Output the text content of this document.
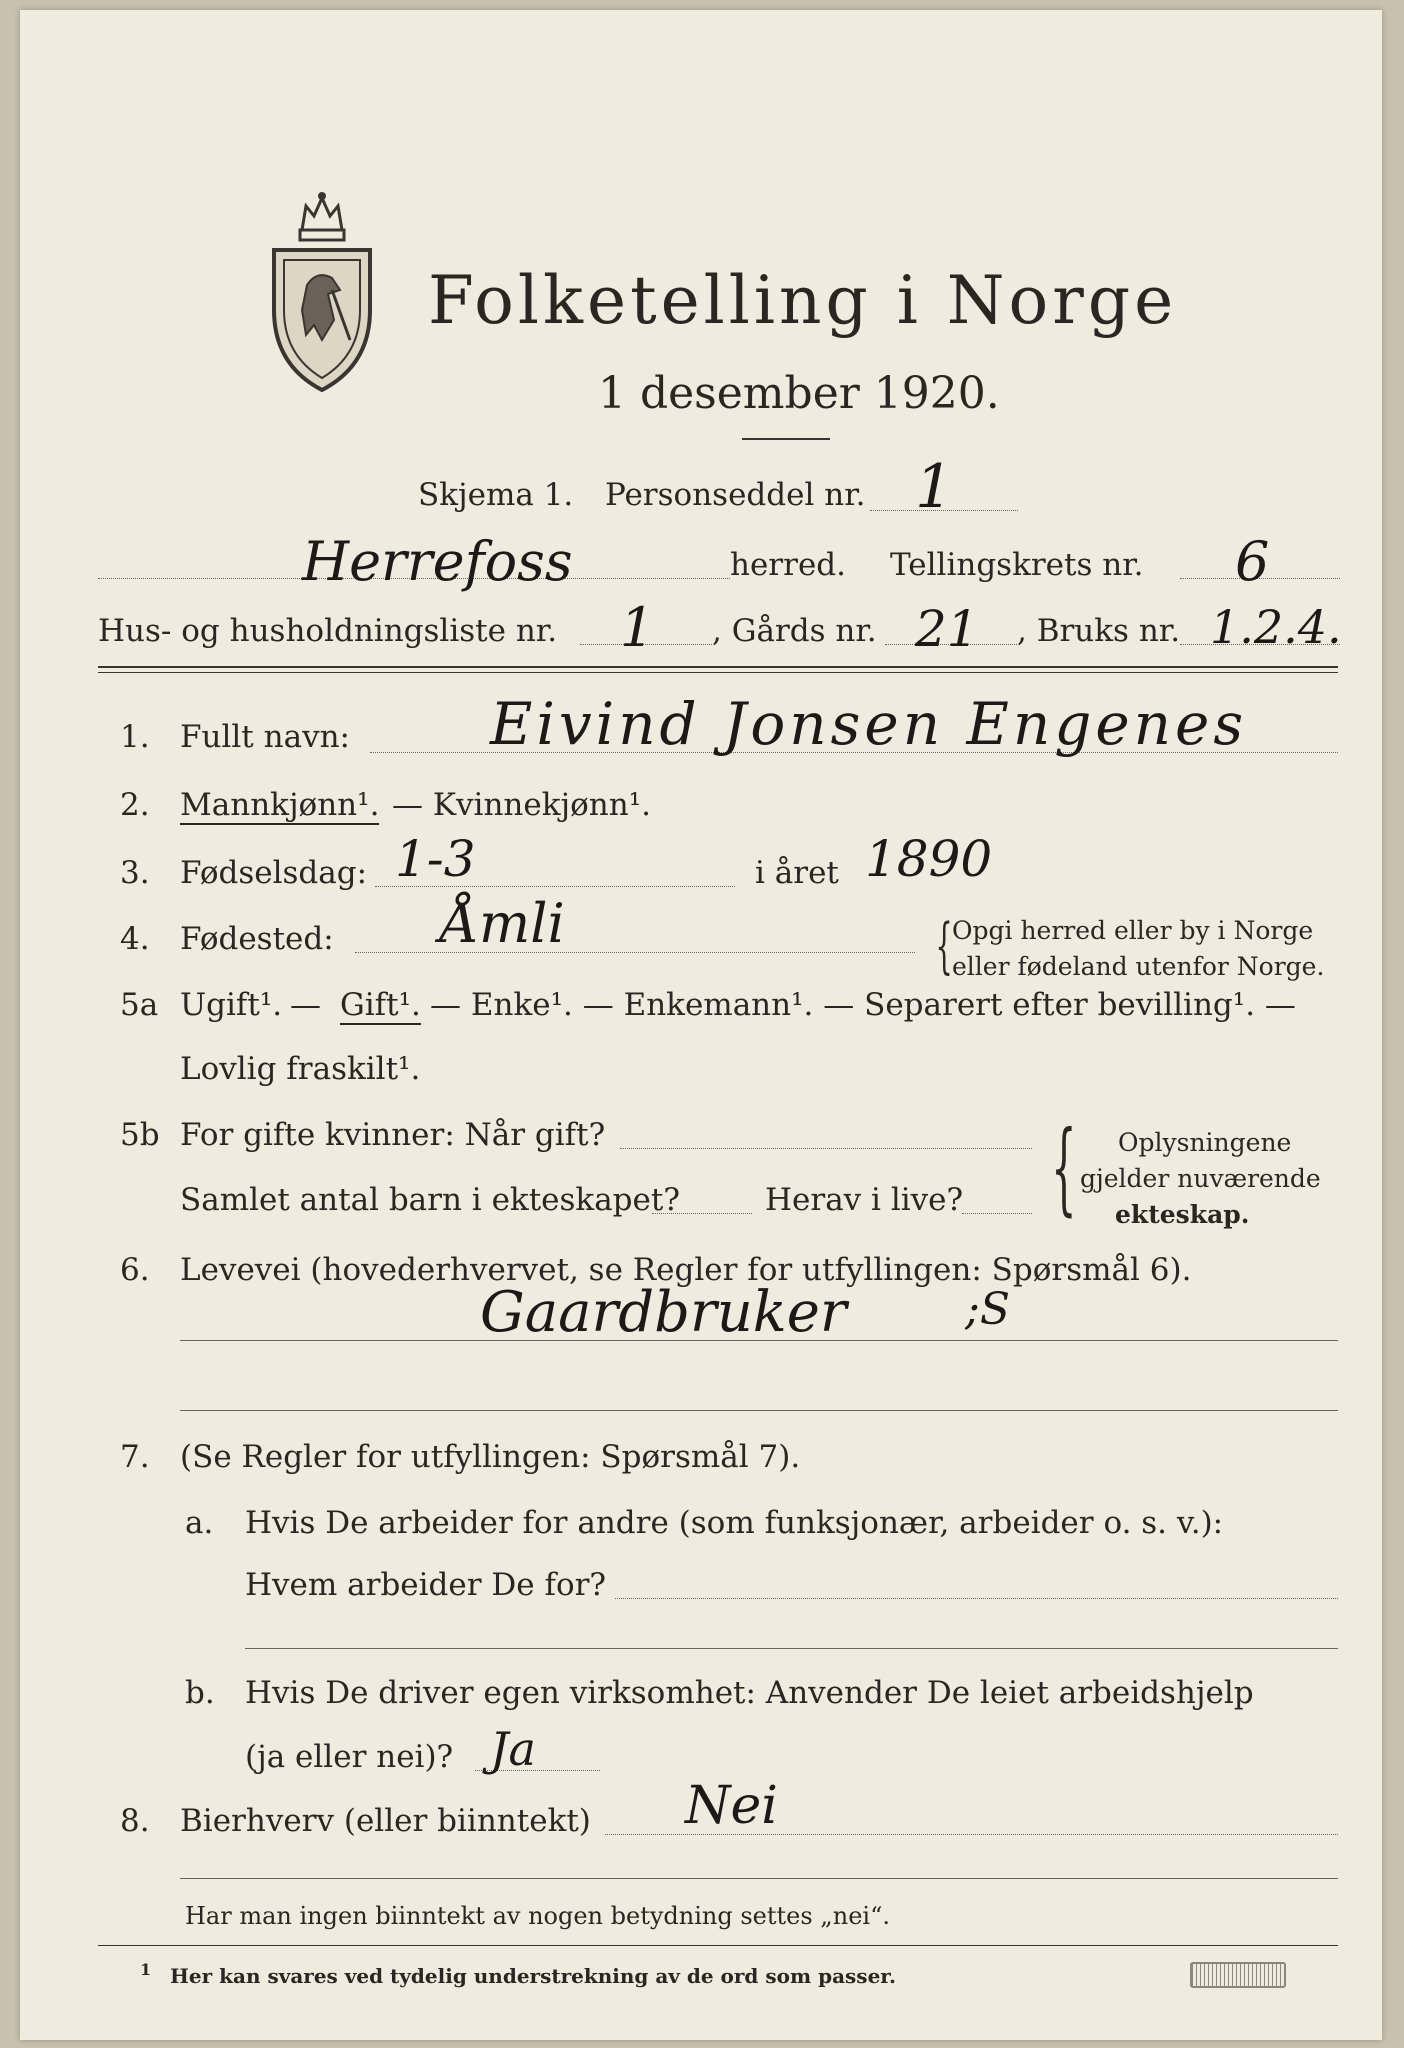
Folketelling i Norge
1 desember 1920.
Skjema 1. Personseddel nr. 1
Herrefoss	herred. Tellingskrets nr. 6
Hus- og husholdningsliste nr. 1 , Gårds nr. 21 , Bruks nr. 1.2.4.
1. Fullt navn: Eivind Jonsen Engenes
2. Mannkjønn¹. — Kvinnekjønn¹.
3. Fødselsdag: 1-3	i året 1890
4. Fødested: Åmli	{ Opgi herred eller by i Norge
eller fødeland utenfor Norge.
5a Ugift¹. — Gift¹. — Enke¹. — Enkemann¹. — Separert efter bevilling¹. —
Lovlig fraskilt¹.
5b For gifte kvinner: Når gift?
Samlet antal barn i ekteskapet?	Herav i live? { Oplysningene
gjelder nuværende
ekteskap.
6. Levevei (hovederhvervet, se Regler for utfyllingen: Spørsmål 6).
Gaardbruker	;S
7. (Se Regler for utfyllingen: Spørsmål 7).
a. Hvis De arbeider for andre (som funksjonær, arbeider o. s. v.):
Hvem arbeider De for?
b. Hvis De driver egen virksomhet: Anvender De leiet arbeidshjelp
(ja eller nei)? Ja
8. Bierhverv (eller biinntekt) Nei
Har man ingen biinntekt av nogen betydning settes „nei“.
1 Her kan svares ved tydelig understrekning av de ord som passer.
